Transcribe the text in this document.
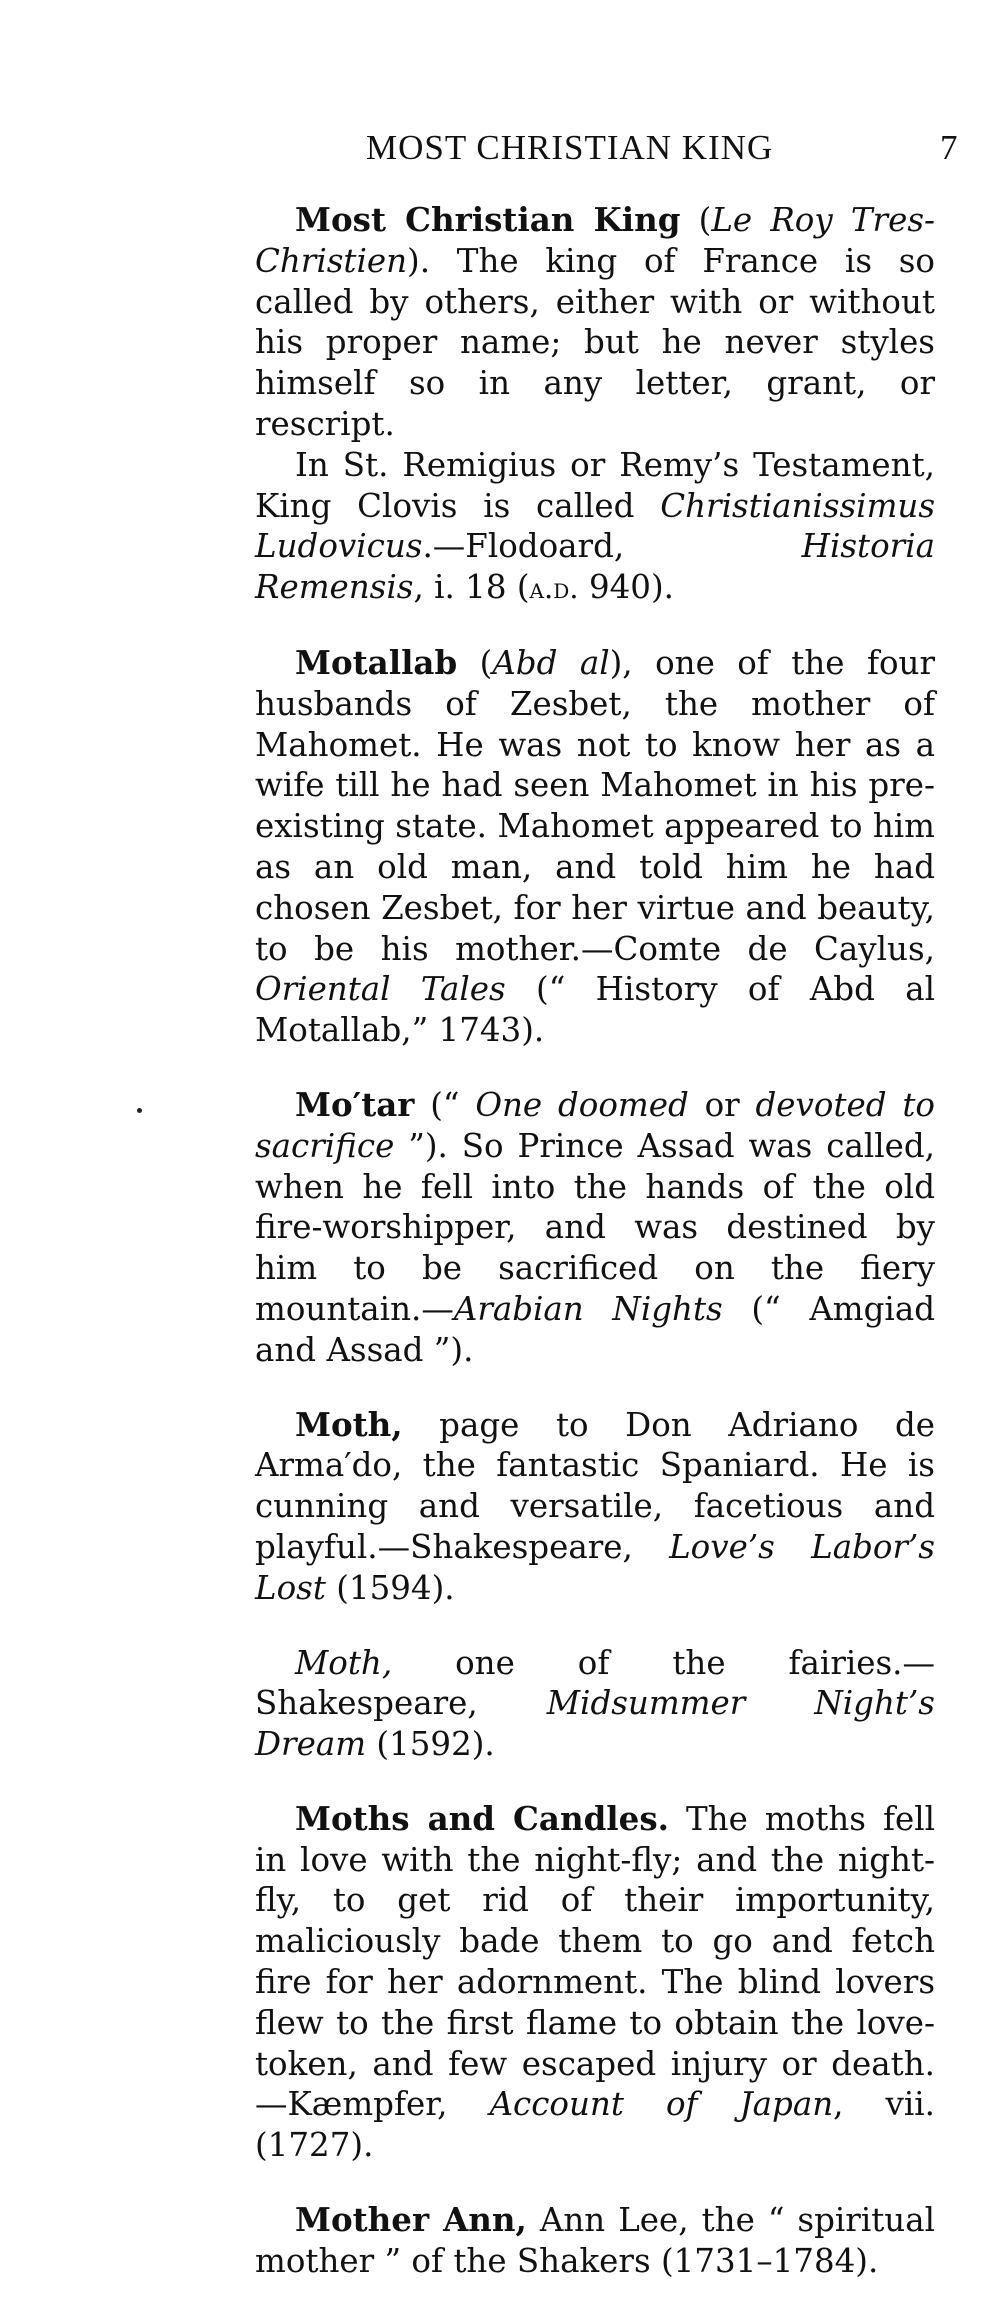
MOST CHRISTIAN KING	7

Most Christian King (Le Roy Tres-Christien). The king of France is so called by others, either with or without his proper name; but he never styles himself so in any letter, grant, or rescript.

In St. Remigius or Remy’s Testament, King Clovis is called Christianissimus Ludovicus.—Flodoard, Historia Remensis, i. 18 (a.d. 940).

Motallab (Abd al), one of the four husbands of Zesbet, the mother of Mahomet. He was not to know her as a wife till he had seen Mahomet in his pre-existing state. Mahomet appeared to him as an old man, and told him he had chosen Zesbet, for her virtue and beauty, to be his mother.—Comte de Caylus, Oriental Tales (“ History of Abd al Motallab,” 1743).

Mo′tar (“ One doomed or devoted to sacrifice ”). So Prince Assad was called, when he fell into the hands of the old fire-worshipper, and was destined by him to be sacrificed on the fiery mountain.—Arabian Nights (“ Amgiad and Assad ”).

Moth, page to Don Adriano de Arma′do, the fantastic Spaniard. He is cunning and versatile, facetious and playful.—Shakespeare, Love’s Labor’s Lost (1594).

Moth, one of the fairies.—Shakespeare, Midsummer Night’s Dream (1592).

Moths and Candles. The moths fell in love with the night-fly; and the night-fly, to get rid of their importunity, maliciously bade them to go and fetch fire for her adornment. The blind lovers flew to the first flame to obtain the love-token, and few escaped injury or death.—Kæmpfer, Account of Japan, vii. (1727).

Mother Ann, Ann Lee, the “ spiritual mother ” of the Shakers (1731–1784).
